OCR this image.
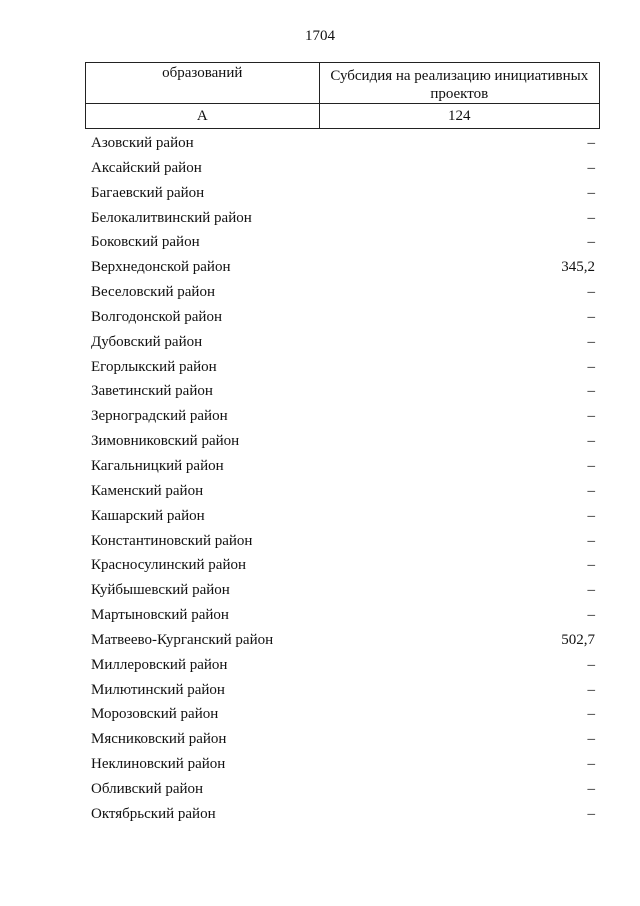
1704
образований	Субсидия на реализацию инициативных проектов

А	124
Азовский район	–
Аксайский район	–
Багаевский район	–
Белокалитвинский район	–
Боковский район	–
Верхнедонской район	345,2
Веселовский район	–
Волгодонской район	–
Дубовский район	–
Егорлыкский район	–
Заветинский район	–
Зерноградский район	–
Зимовниковский район	–
Кагальницкий район	–
Каменский район	–
Кашарский район	–
Константиновский район	–
Красносулинский район	–
Куйбышевский район	–
Мартыновский район	–
Матвеево-Курганский район	502,7
Миллеровский район	–
Милютинский район	–
Морозовский район	–
Мясниковский район	–
Неклиновский район	–
Обливский район	–
Октябрьский район	–
